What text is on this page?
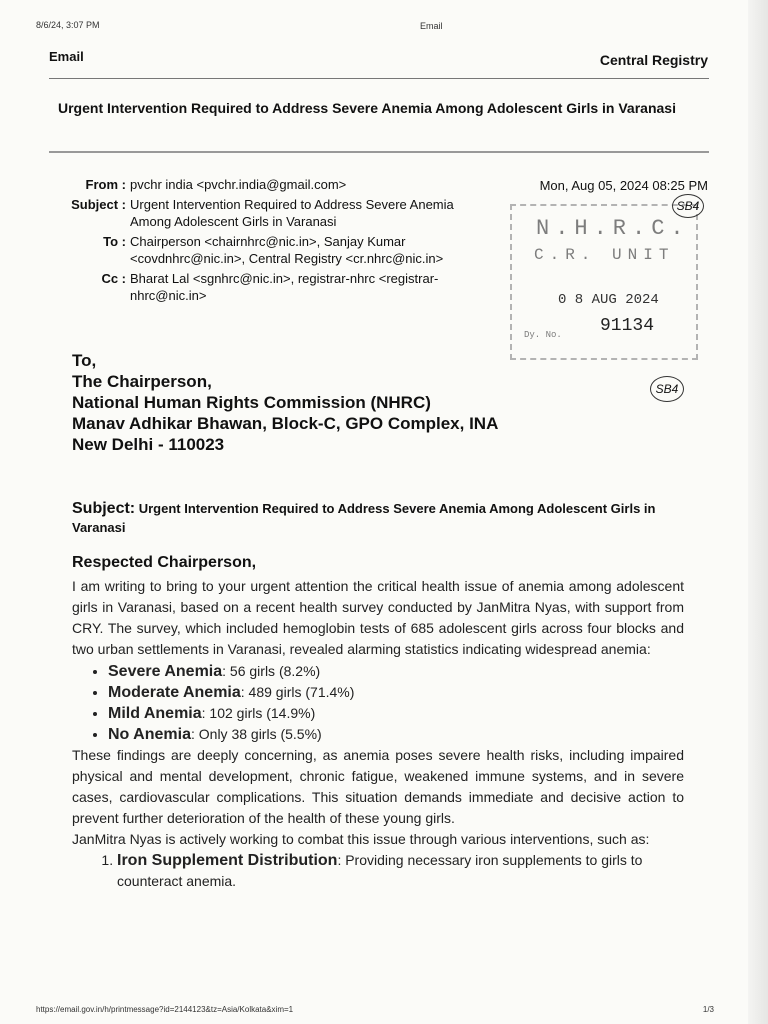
8/6/24, 3:07 PM	Email
Email	Central Registry
Urgent Intervention Required to Address Severe Anemia Among Adolescent Girls in Varanasi
From : pvchr india <pvchr.india@gmail.com>
Subject : Urgent Intervention Required to Address Severe Anemia Among Adolescent Girls in Varanasi
To : Chairperson <chairnhrc@nic.in>, Sanjay Kumar <covdnhrc@nic.in>, Central Registry <cr.nhrc@nic.in>
Cc : Bharat Lal <sgnhrc@nic.in>, registrar-nhrc <registrar-nhrc@nic.in>
Mon, Aug 05, 2024 08:25 PM
N.H.R.C.
C.R. UNIT
0 8 AUG 2024
91134
Dy. No.
SB4
SB4
To,
The Chairperson,
National Human Rights Commission (NHRC)
Manav Adhikar Bhawan, Block-C, GPO Complex, INA
New Delhi - 110023
Subject: Urgent Intervention Required to Address Severe Anemia Among Adolescent Girls in Varanasi
Respected Chairperson,

I am writing to bring to your urgent attention the critical health issue of anemia among adolescent girls in Varanasi, based on a recent health survey conducted by JanMitra Nyas, with support from CRY. The survey, which included hemoglobin tests of 685 adolescent girls across four blocks and two urban settlements in Varanasi, revealed alarming statistics indicating widespread anemia:

• Severe Anemia: 56 girls (8.2%)
• Moderate Anemia: 489 girls (71.4%)
• Mild Anemia: 102 girls (14.9%)
• No Anemia: Only 38 girls (5.5%)

These findings are deeply concerning, as anemia poses severe health risks, including impaired physical and mental development, chronic fatigue, weakened immune systems, and in severe cases, cardiovascular complications. This situation demands immediate and decisive action to prevent further deterioration of the health of these young girls.

JanMitra Nyas is actively working to combat this issue through various interventions, such as:

1. Iron Supplement Distribution: Providing necessary iron supplements to girls to counteract anemia.
https://email.gov.in/h/printmessage?id=2144123&tz=Asia/Kolkata&xim=1	1/3
